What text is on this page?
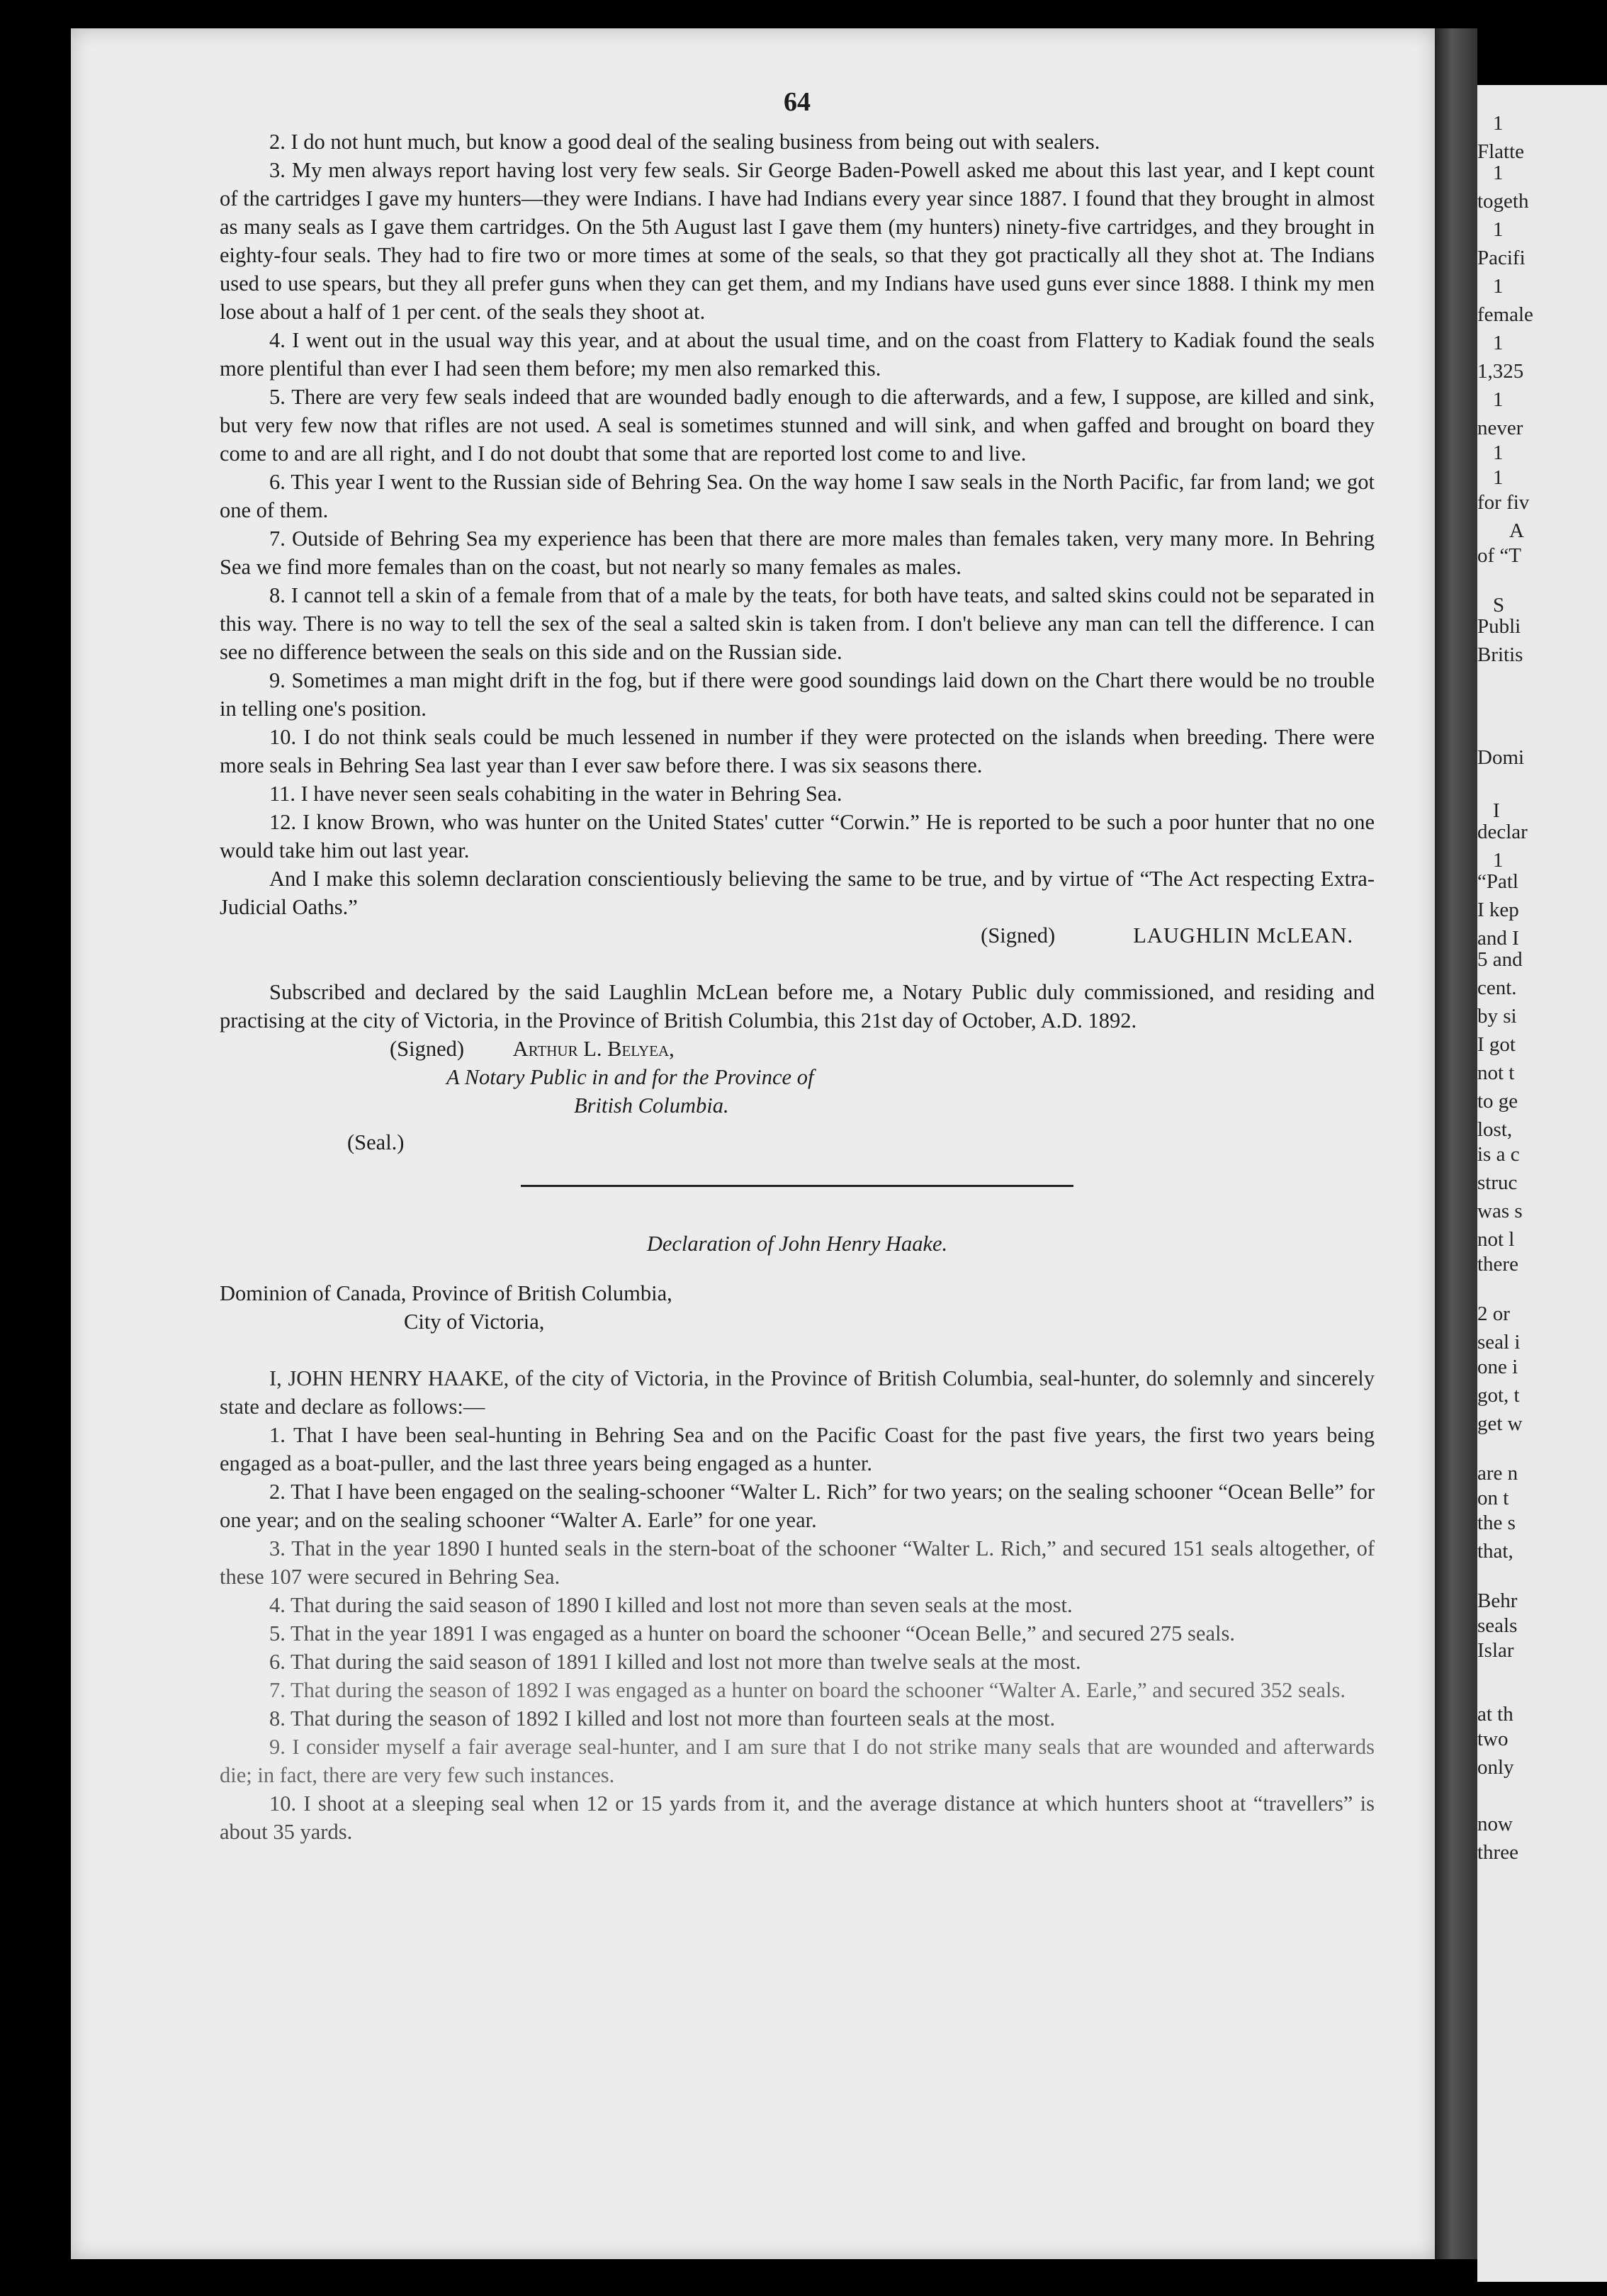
64

2. I do not hunt much, but know a good deal of the sealing business from being out with sealers.

3. My men always report having lost very few seals. Sir George Baden-Powell asked me about this last year, and I kept count of the cartridges I gave my hunters—they were Indians. I have had Indians every year since 1887. I found that they brought in almost as many seals as I gave them cartridges. On the 5th August last I gave them (my hunters) ninety-five cartridges, and they brought in eighty-four seals. They had to fire two or more times at some of the seals, so that they got practically all they shot at. The Indians used to use spears, but they all prefer guns when they can get them, and my Indians have used guns ever since 1888. I think my men lose about a half of 1 per cent. of the seals they shoot at.

4. I went out in the usual way this year, and at about the usual time, and on the coast from Flattery to Kadiak found the seals more plentiful than ever I had seen them before; my men also remarked this.

5. There are very few seals indeed that are wounded badly enough to die afterwards, and a few, I suppose, are killed and sink, but very few now that rifles are not used. A seal is sometimes stunned and will sink, and when gaffed and brought on board they come to and are all right, and I do not doubt that some that are reported lost come to and live.

6. This year I went to the Russian side of Behring Sea. On the way home I saw seals in the North Pacific, far from land; we got one of them.

7. Outside of Behring Sea my experience has been that there are more males than females taken, very many more. In Behring Sea we find more females than on the coast, but not nearly so many females as males.

8. I cannot tell a skin of a female from that of a male by the teats, for both have teats, and salted skins could not be separated in this way. There is no way to tell the sex of the seal a salted skin is taken from. I don't believe any man can tell the difference. I can see no difference between the seals on this side and on the Russian side.

9. Sometimes a man might drift in the fog, but if there were good soundings laid down on the Chart there would be no trouble in telling one's position.

10. I do not think seals could be much lessened in number if they were protected on the islands when breeding. There were more seals in Behring Sea last year than I ever saw before there. I was six seasons there.

11. I have never seen seals cohabiting in the water in Behring Sea.

12. I know Brown, who was hunter on the United States' cutter “Corwin.” He is reported to be such a poor hunter that no one would take him out last year.

And I make this solemn declaration conscientiously believing the same to be true, and by virtue of “The Act respecting Extra-Judicial Oaths.”

(Signed)	LAUGHLIN McLEAN.

Subscribed and declared by the said Laughlin McLean before me, a Notary Public duly commissioned, and residing and practising at the city of Victoria, in the Province of British Columbia, this 21st day of October, A.D. 1892.

(Signed) Arthur L. Belyea,

A Notary Public in and for the Province of

British Columbia.

(Seal.)

Declaration of John Henry Haake.

Dominion of Canada, Province of British Columbia,

City of Victoria,

I, JOHN HENRY HAAKE, of the city of Victoria, in the Province of British Columbia, seal-hunter, do solemnly and sincerely state and declare as follows:—

1. That I have been seal-hunting in Behring Sea and on the Pacific Coast for the past five years, the first two years being engaged as a boat-puller, and the last three years being engaged as a hunter.

2. That I have been engaged on the sealing-schooner “Walter L. Rich” for two years; on the sealing schooner “Ocean Belle” for one year; and on the sealing schooner “Walter A. Earle” for one year.

3. That in the year 1890 I hunted seals in the stern-boat of the schooner “Walter L. Rich,” and secured 151 seals altogether, of these 107 were secured in Behring Sea.

4. That during the said season of 1890 I killed and lost not more than seven seals at the most.

5. That in the year 1891 I was engaged as a hunter on board the schooner “Ocean Belle,” and secured 275 seals.

6. That during the said season of 1891 I killed and lost not more than twelve seals at the most.

7. That during the season of 1892 I was engaged as a hunter on board the schooner “Walter A. Earle,” and secured 352 seals.

8. That during the season of 1892 I killed and lost not more than fourteen seals at the most.

9. I consider myself a fair average seal-hunter, and I am sure that I do not strike many seals that are wounded and afterwards die; in fact, there are very few such instances.

10. I shoot at a sleeping seal when 12 or 15 yards from it, and the average distance at which hunters shoot at “travellers” is about 35 yards.

1
Flatte
1
togeth
1
Pacifi
1
female
1
1,325
1
never
1
1
for fiv
A
of “T
S
Publi
Britis
Domi
I
declar
1
“Patl
I kep
and I
5 and
cent.
by si
I got
not t
to ge
lost,
is a c
struc
was s
not l
there
2 or
seal i
one i
got, t
get w
are n
on t
the s
that,
Behr
seals
Islar
at th
two
only
now
three
